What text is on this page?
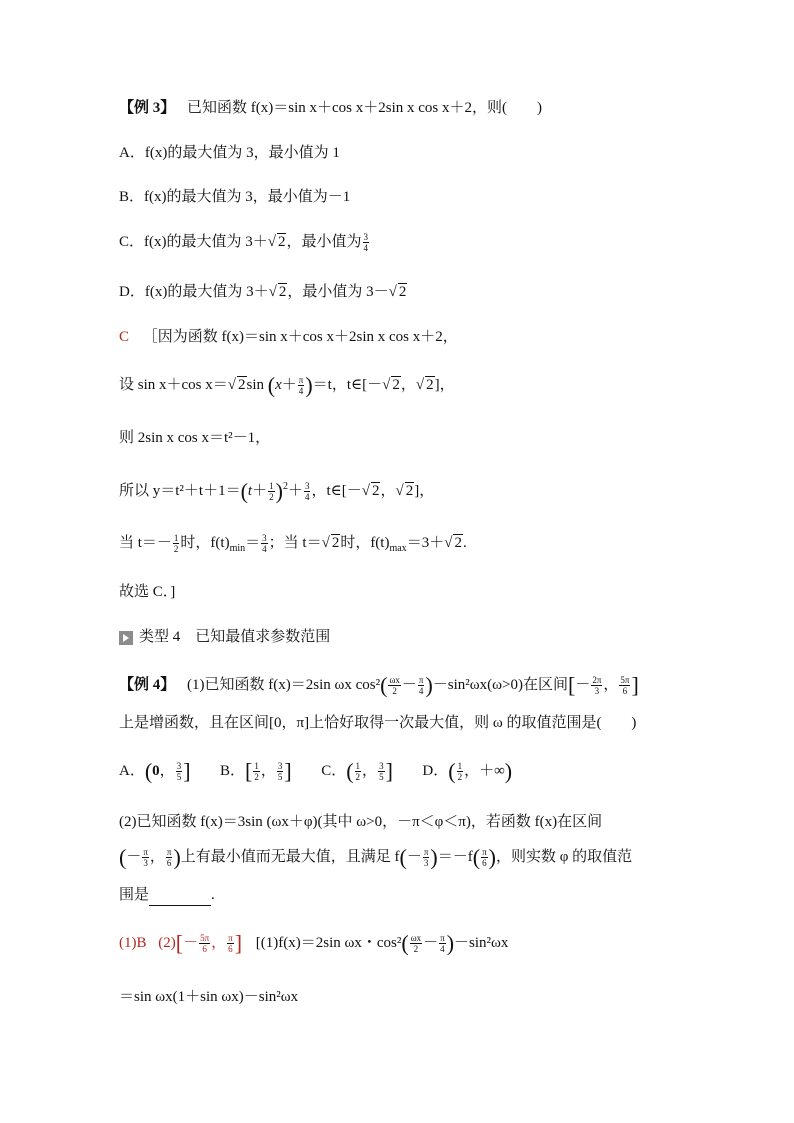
【例 3】 已知函数 f(x)＝sin x＋cos x＋2sin x cos x＋2，则(　　)
A．f(x)的最大值为 3，最小值为 1
B．f(x)的最大值为 3，最小值为－1
C．f(x)的最大值为 3＋√ 2，最小值为 $\frac{3}{4}$
D．f(x)的最大值为 3＋√ 2，最小值为 3－√ 2
C ［因为函数 f(x)＝sin x＋cos x＋2sin x cos x＋2，
设 sin x＋cos x＝√ 2sin $(x+ \frac{\pi}{4} )=t$，t∈[－√ 2，√ 2]，
则 2sin x cos x＝t²－1，
所以 $y=t^2+t+1=(t+ \frac{1}{2} )^2+ \frac{3}{4}$ ，t∈[－√ 2，√ 2]，
当 $t=- \frac{1}{2}$ 时，$f(t)_{min}= \frac{3}{4}$ ；当 t＝√ 2时，$f(t)_{max}=3+√$ 2.
故选 C．]
类型 4　已知最值求参数范围
【例 4】 (1)已知函数 f(x)＝2sin ωx $\cos^2( \frac{\omega x}{2} - \frac{\pi}{4} )-\sin^2\omega x(\omega>0)$在区间[－ $\frac{2\pi}{3}$ ， $\frac{5\pi}{6}$ ]
上是增函数，且在区间[0，π]上恰好取得一次最大值，则 ω 的取值范围是(　　)
A．(0， $\frac{3}{5}$ ] B．[ $\frac{1}{2}$ ， $\frac{3}{5}$ ] C．( $\frac{1}{2}$ ， $\frac{3}{5}$ ] D．( $\frac{1}{2}$ ，＋∞)
(2)已知函数 f(x)＝3sin (ωx＋φ)(其中 ω>0，－π＜φ＜π)，若函数 f(x)在区间
(－ $\frac{\pi}{3}$ ， $\frac{\pi}{6}$ )上有最小值而无最大值，且满足 $f(- \frac{\pi}{3} )=-f( \frac{\pi}{6}$ )，则实数 φ 的取值范
围是	.
(1)B $(2)[- \frac{5\pi}{6}$ ， $\frac{\pi}{6}$ ] [(1)f(x)＝2sin ωx・$\cos^2( \frac{\omega x}{2} - \frac{\pi}{4} )-\sin^2\omega x$
＝sin ωx(1＋sin ωx)－sin²ωx
